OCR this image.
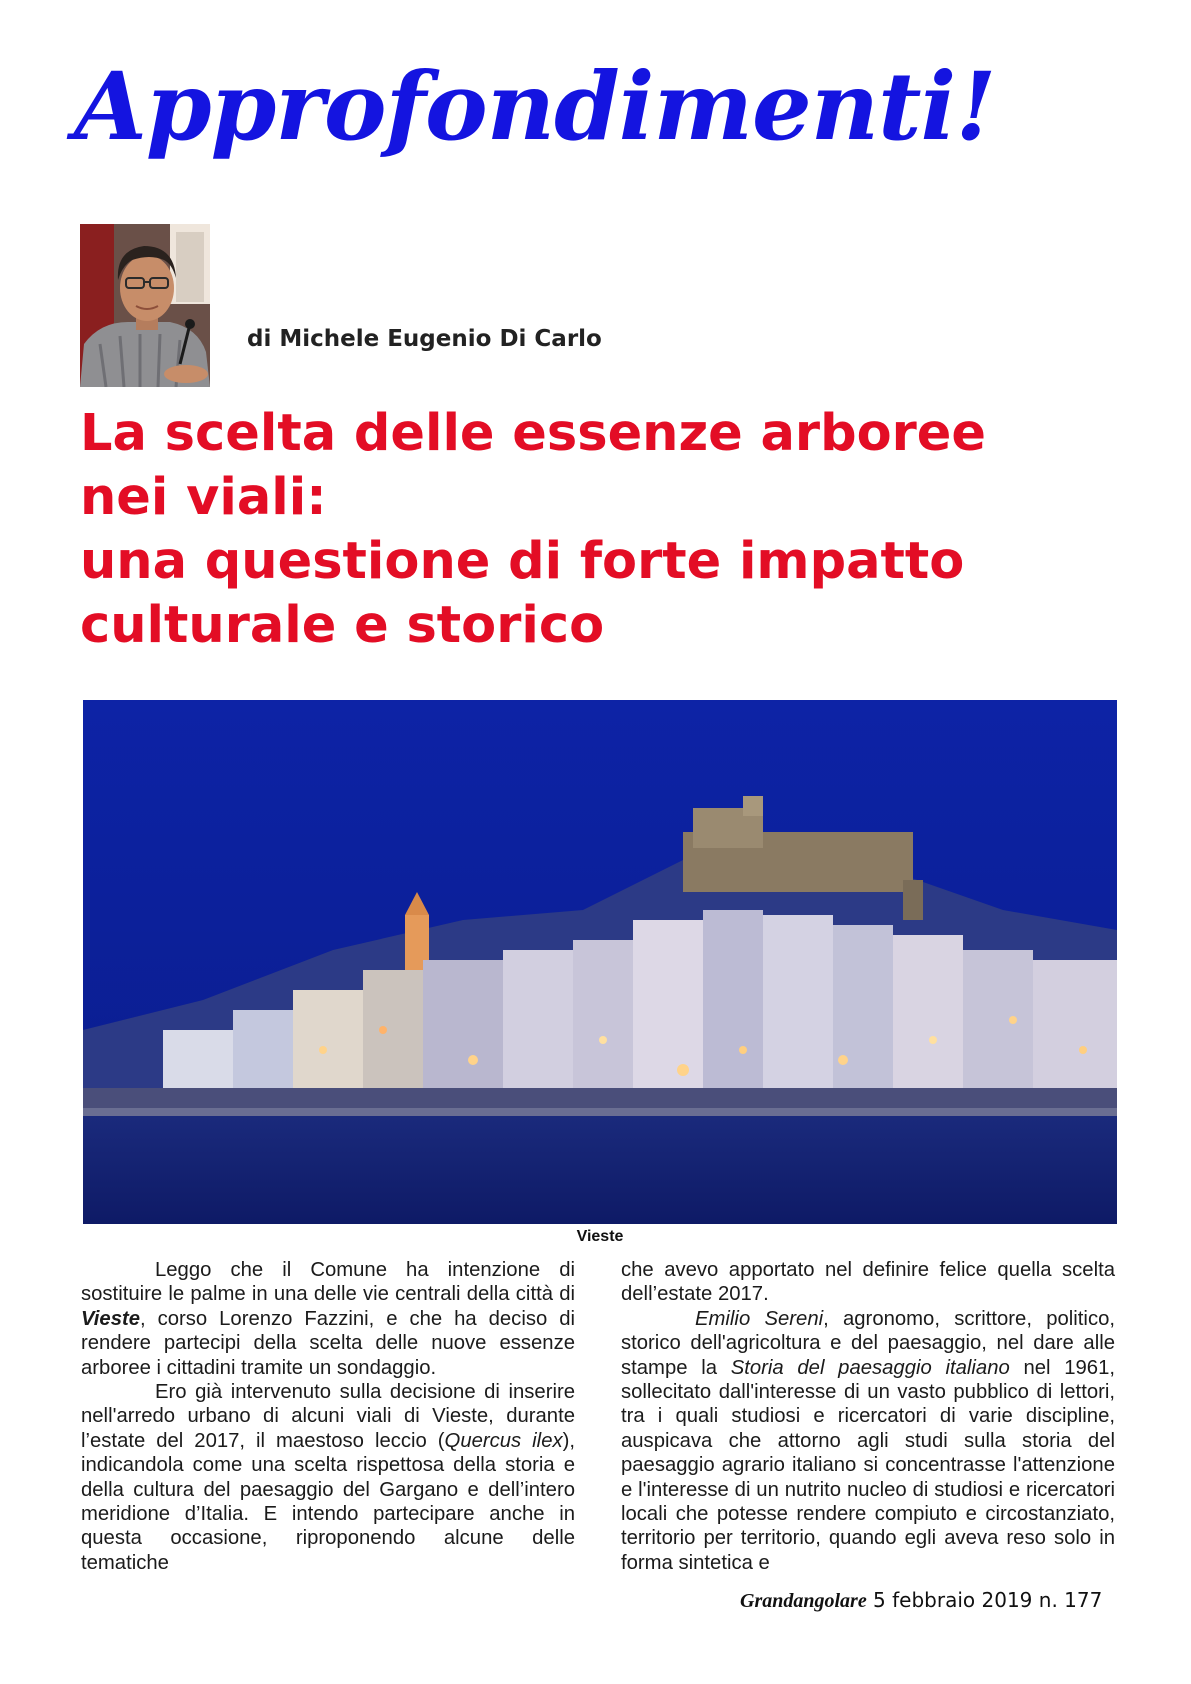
Approfondimenti!
di Michele Eugenio Di Carlo
La scelta delle essenze arboree
nei viali:
una questione di forte impatto
culturale e storico
Vieste

Leggo che il Comune ha intenzione di sostituire le palme in una delle vie centrali della città di Vieste, corso Lorenzo Fazzini, e che ha deciso di rendere partecipi della scelta delle nuove essenze arboree i cittadini tramite un sondaggio.

Ero già intervenuto sulla decisione di inserire nell'arredo urbano di alcuni viali di Vieste, durante l’estate del 2017, il maestoso leccio (Quercus ilex), indicandola come una scelta rispettosa della storia e della cultura del paesaggio del Gargano e dell’intero meridione d’Italia. E intendo partecipare anche in questa occasione, riproponendo alcune delle tematiche

che avevo apportato nel definire felice quella scelta dell’estate 2017.

Emilio Sereni, agronomo, scrittore, politico, storico dell'agricoltura e del paesaggio, nel dare alle stampe la Storia del paesaggio italiano nel 1961, sollecitato dall'interesse di un vasto pubblico di lettori, tra i quali studiosi e ricercatori di varie discipline, auspicava che attorno agli studi sulla storia del paesaggio agrario italiano si concentrasse l'attenzione e l'interesse di un nutrito nucleo di studiosi e ricercatori locali che potesse rendere compiuto e circostanziato, territorio per territorio, quando egli aveva reso solo in forma sintetica e

Grandangolare 5 febbraio 2019 n. 177
